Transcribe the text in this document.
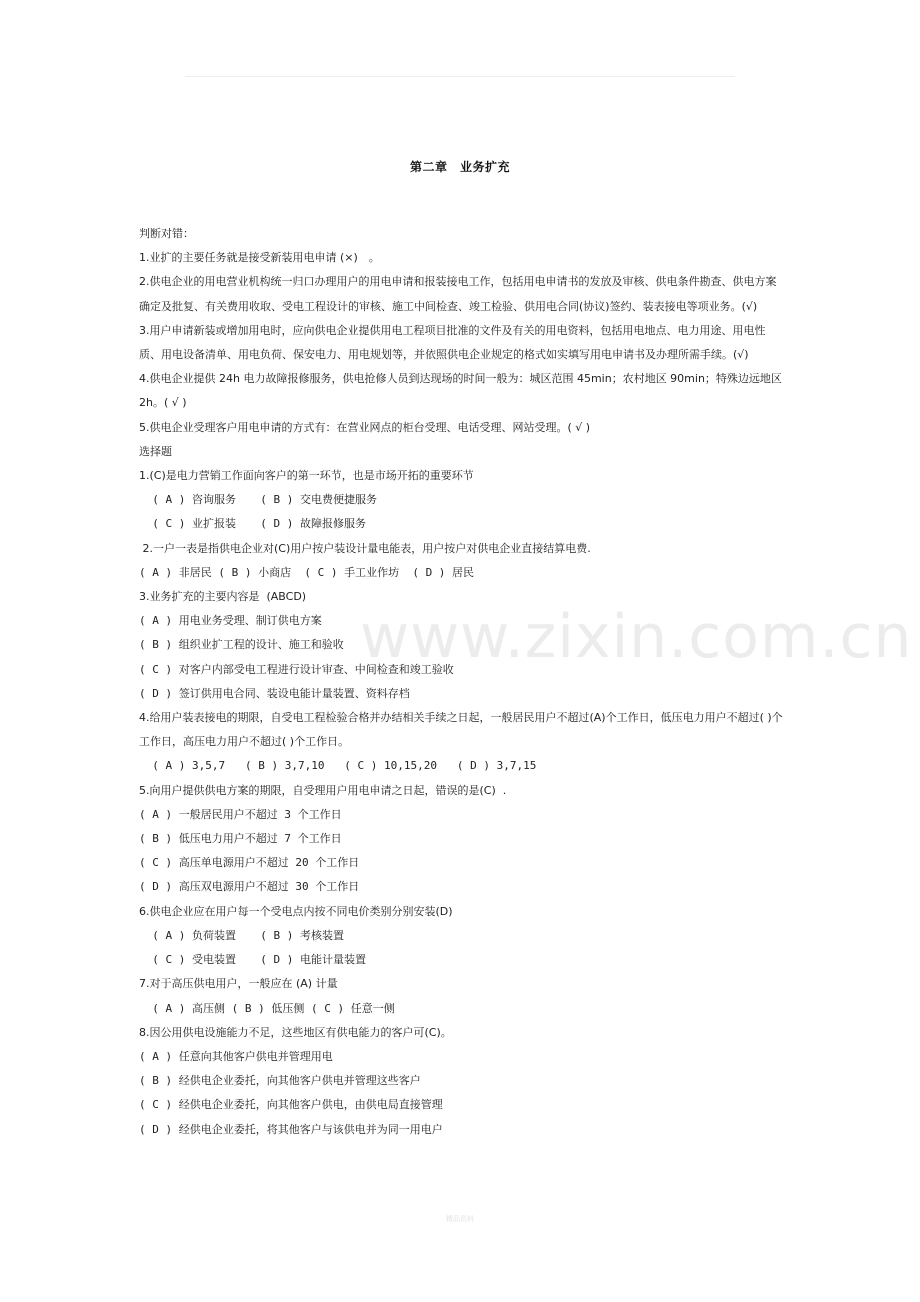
第二章　业务扩充
www.zixin.com.cn
判断对错：
1.业扩的主要任务就是接受新装用电申请 (×)　。
2.供电企业的用电营业机构统一归口办理用户的用电申请和报装接电工作，包括用电申请书的发放及审核、供电条件勘查、供电方案确定及批复、有关费用收取、受电工程设计的审核、施工中间检查、竣工检验、供用电合同(协议)签约、装表接电等项业务。(√)
3.用户申请新装或增加用电时，应向供电企业提供用电工程项目批准的文件及有关的用电资料，包括用电地点、电力用途、用电性质、用电设备清单、用电负荷、保安电力、用电规划等，并依照供电企业规定的格式如实填写用电申请书及办理所需手续。(√)
4.供电企业提供 24h 电力故障报修服务，供电抢修人员到达现场的时间一般为：城区范围 45min；农村地区 90min；特殊边远地区 2h。( √ )
5.供电企业受理客户用电申请的方式有：在营业网点的柜台受理、电话受理、网站受理。( √ )
选择题
1.(C)是电力营销工作面向客户的第一环节，也是市场开拓的重要环节
( A ) 咨询服务　  ( B ) 交电费便捷服务
( C ) 业扩报装　  ( D ) 故障报修服务
2.一户一表是指供电企业对(C)用户按户装设计量电能表，用户按户对供电企业直接结算电费.
( A ) 非居民 ( B ) 小商店  ( C ) 手工业作坊  ( D ) 居民
3.业务扩充的主要内容是  (ABCD)
( A ) 用电业务受理、制订供电方案
( B ) 组织业扩工程的设计、施工和验收
( C ) 对客户内部受电工程进行设计审查、中间检查和竣工验收
( D ) 签订供用电合同、装设电能计量装置、资料存档
4.给用户装表接电的期限，自受电工程检验合格并办结相关手续之日起，一般居民用户不超过(A)个工作日，低压电力用户不超过( )个工作日，高压电力用户不超过( )个工作日。
( A ) 3,5,7   ( B ) 3,7,10   ( C ) 10,15,20   ( D ) 3,7,15
5.向用户提供供电方案的期限，自受理用户用电申请之日起，错误的是(C)  .
( A ) 一般居民用户不超过 3 个工作日
( B ) 低压电力用户不超过 7 个工作日
( C ) 高压单电源用户不超过 20 个工作日
( D ) 高压双电源用户不超过 30 个工作日
6.供电企业应在用户每一个受电点内按不同电价类别分别安装(D)
( A ) 负荷装置　  ( B ) 考核装置
( C ) 受电装置　  ( D ) 电能计量装置
7.对于高压供电用户，一般应在 (A) 计量
( A ) 高压侧 ( B ) 低压侧 ( C ) 任意一侧
8.因公用供电设施能力不足，这些地区有供电能力的客户可(C)。
( A ) 任意向其他客户供电并管理用电
( B ) 经供电企业委托，向其他客户供电并管理这些客户
( C ) 经供电企业委托，向其他客户供电，由供电局直接管理
( D ) 经供电企业委托，将其他客户与该供电并为同一用电户
精品资料
